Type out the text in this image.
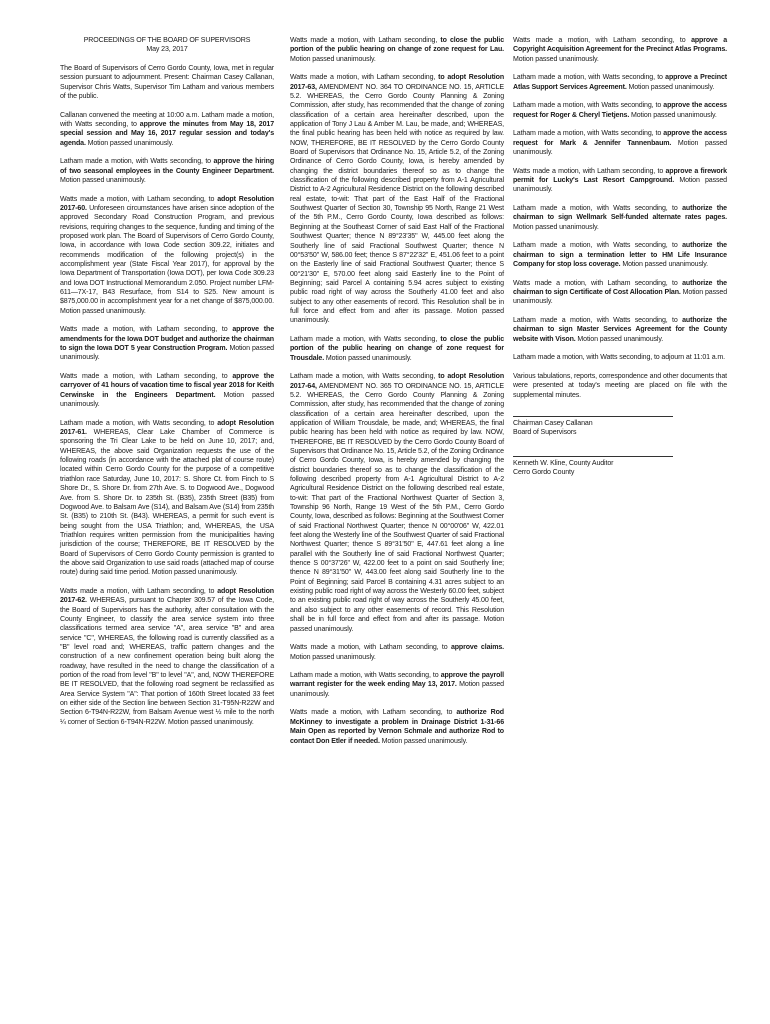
PROCEEDINGS OF THE BOARD OF SUPERVISORS
May 23, 2017

The Board of Supervisors of Cerro Gordo County, Iowa, met in regular session pursuant to adjournment. Present: Chairman Casey Callanan, Supervisor Chris Watts, Supervisor Tim Latham and various members of the public.

Callanan convened the meeting at 10:00 a.m. Latham made a motion, with Watts seconding, to approve the minutes from May 18, 2017 special session and May 16, 2017 regular session and today's agenda. Motion passed unanimously.

Latham made a motion, with Watts seconding, to approve the hiring of two seasonal employees in the County Engineer Department. Motion passed unanimously.

Watts made a motion, with Latham seconding, to adopt Resolution 2017-60. Unforeseen circumstances have arisen since adoption of the approved Secondary Road Construction Program, and previous revisions, requiring changes to the sequence, funding and timing of the proposed work plan. The Board of Supervisors of Cerro Gordo County, Iowa, in accordance with Iowa Code section 309.22, initiates and recommends modification of the following project(s) in the accomplishment year (State Fiscal Year 2017), for approval by the Iowa Department of Transportation (Iowa DOT), per Iowa Code 309.23 and Iowa DOT Instructional Memorandum 2.050. Project number LFM-611—7X-17, B43 Resurface, from S14 to S25. New amount is $875,000.00 in accomplishment year for a net change of $875,000.00. Motion passed unanimously.

Watts made a motion, with Latham seconding, to approve the amendments for the Iowa DOT budget and authorize the chairman to sign the Iowa DOT 5 year Construction Program. Motion passed unanimously.

Watts made a motion, with Latham seconding, to approve the carryover of 41 hours of vacation time to fiscal year 2018 for Keith Cerwinske in the Engineers Department. Motion passed unanimously.

Latham made a motion, with Watts seconding, to adopt Resolution 2017-61. WHEREAS, Clear Lake Chamber of Commerce is sponsoring the Tri Clear Lake to be held on June 10, 2017; and, WHEREAS, the above said Organization requests the use of the following roads (in accordance with the attached plat of course route) located within Cerro Gordo County for the purpose of a competitive triathlon race Saturday, June 10, 2017: S. Shore Ct. from Finch to S Shore Dr., S. Shore Dr. from 27th Ave. S. to Dogwood Ave., Dogwood Ave. from S. Shore Dr. to 235th St. (B35), 235th Street (B35) from Dogwood Ave. to Balsam Ave (S14), and Balsam Ave (S14) from 235th St. (B35) to 210th St. (B43). WHEREAS, a permit for such event is being sought from the USA Triathlon; and, WHEREAS, the USA Triathlon requires written permission from the municipalities having jurisdiction of the course; THEREFORE, BE IT RESOLVED by the Board of Supervisors of Cerro Gordo County permission is granted to the above said Organization to use said roads (attached map of course route) during said time period. Motion passed unanimously.

Watts made a motion, with Latham seconding, to adopt Resolution 2017-62. WHEREAS, pursuant to Chapter 309.57 of the Iowa Code, the Board of Supervisors has the authority, after consultation with the County Engineer, to classify the area service system into three classifications termed area service "A", area service "B" and area service "C", WHEREAS, the following road is currently classified as a "B" level road and; WHEREAS, traffic pattern changes and the construction of a new confinement operation being built along the roadway, have resulted in the need to change the classification of a portion of the road from level "B" to level "A", and, NOW THEREFORE BE IT RESOLVED, that the following road segment be reclassified as Area Service System "A": That portion of 160th Street located 33 feet on either side of the Section line between Section 31-T95N-R22W and Section 6-T94N-R22W, from Balsam Avenue west ½ mile to the north ¼ corner of Section 6-T94N-R22W. Motion passed unanimously.

Watts made a motion, with Latham seconding, to close the public portion of the public hearing on change of zone request for Lau. Motion passed unanimously.

Watts made a motion, with Latham seconding, to adopt Resolution 2017-63, AMENDMENT NO. 364 TO ORDINANCE NO. 15, ARTICLE 5.2. WHEREAS, the Cerro Gordo County Planning & Zoning Commission, after study, has recommended that the change of zoning classification of a certain area hereinafter described, upon the application of Tony J Lau & Amber M. Lau, be made, and; WHEREAS, the final public hearing has been held with notice as required by law. NOW, THEREFORE, BE IT RESOLVED by the Cerro Gordo County Board of Supervisors that Ordinance No. 15, Article 5.2, of the Zoning Ordinance of Cerro Gordo County, Iowa, is hereby amended by changing the district boundaries thereof so as to change the classification of the following described property from A-1 Agricultural District to A-2 Agricultural Residence District on the following described real estate, to-wit: That part of the East Half of the Fractional Southwest Quarter of Section 30, Township 95 North, Range 21 West of the 5th P.M., Cerro Gordo County, Iowa described as follows: Beginning at the Southeast Corner of said East Half of the Fractional Southwest Quarter; thence N 89°23'35" W, 445.00 feet along the Southerly line of said Fractional Southwest Quarter; thence N 00°53'50" W, 586.00 feet; thence S 87°22'32" E, 451.06 feet to a point on the Easterly line of said Fractional Southwest Quarter; thence S 00°21'30" E, 570.00 feet along said Easterly line to the Point of Beginning; said Parcel A containing 5.94 acres subject to existing public road right of way across the Southerly 41.00 feet and also subject to any other easements of record. This Resolution shall be in full force and effect from and after its passage. Motion passed unanimously.

Latham made a motion, with Watts seconding, to close the public portion of the public hearing on change of zone request for Trousdale. Motion passed unanimously.

Latham made a motion, with Watts seconding, to adopt Resolution 2017-64, AMENDMENT NO. 365 TO ORDINANCE NO. 15, ARTICLE 5.2. WHEREAS, the Cerro Gordo County Planning & Zoning Commission, after study, has recommended that the change of zoning classification of a certain area hereinafter described, upon the application of William Trousdale, be made, and; WHEREAS, the final public hearing has been held with notice as required by law. NOW, THEREFORE, BE IT RESOLVED by the Cerro Gordo County Board of Supervisors that Ordinance No. 15, Article 5.2, of the Zoning Ordinance of Cerro Gordo County, Iowa, is hereby amended by changing the district boundaries thereof so as to change the classification of the following described property from A-1 Agricultural District to A-2 Agricultural Residence District on the following described real estate, to-wit: That part of the Fractional Northwest Quarter of Section 3, Township 96 North, Range 19 West of the 5th P.M., Cerro Gordo County, Iowa, described as follows: Beginning at the Southwest Corner of said Fractional Northwest Quarter; thence N 00°00'06" W, 422.01 feet along the Westerly line of the Southwest Quarter of said Fractional Northwest Quarter; thence S 89°31'50" E, 447.61 feet along a line parallel with the Southerly line of said Fractional Northwest Quarter; thence S 00°37'26" W, 422.00 feet to a point on said Southerly line; thence N 89°31'50" W, 443.00 feet along said Southerly line to the Point of Beginning; said Parcel B containing 4.31 acres subject to an existing public road right of way across the Westerly 60.00 feet, subject to an existing public road right of way across the Southerly 45.00 feet, and also subject to any other easements of record. This Resolution shall be in full force and effect from and after its passage. Motion passed unanimously.

Watts made a motion, with Latham seconding, to approve claims. Motion passed unanimously.

Latham made a motion, with Watts seconding, to approve the payroll warrant register for the week ending May 13, 2017. Motion passed unanimously.

Watts made a motion, with Latham seconding, to authorize Rod McKinney to investigate a problem in Drainage District 1-31-66 Main Open as reported by Vernon Schmale and authorize Rod to contact Don Etler if needed. Motion passed unanimously.

Watts made a motion, with Latham seconding, to approve a Copyright Acquisition Agreement for the Precinct Atlas Programs. Motion passed unanimously.

Latham made a motion, with Watts seconding, to approve a Precinct Atlas Support Services Agreement. Motion passed unanimously.

Latham made a motion, with Watts seconding, to approve the access request for Roger & Cheryl Tietjens. Motion passed unanimously.

Latham made a motion, with Watts seconding, to approve the access request for Mark & Jennifer Tannenbaum. Motion passed unanimously.

Watts made a motion, with Latham seconding, to approve a firework permit for Lucky's Last Resort Campground. Motion passed unanimously.

Latham made a motion, with Watts seconding, to authorize the chairman to sign Wellmark Self-funded alternate rates pages. Motion passed unanimously.

Latham made a motion, with Watts seconding, to authorize the chairman to sign a termination letter to HM Life Insurance Company for stop loss coverage. Motion passed unanimously.

Watts made a motion, with Latham seconding, to authorize the chairman to sign Certificate of Cost Allocation Plan. Motion passed unanimously.

Latham made a motion, with Watts seconding, to authorize the chairman to sign Master Services Agreement for the County website with Vison. Motion passed unanimously.

Latham made a motion, with Watts seconding, to adjourn at 11:01 a.m.

Various tabulations, reports, correspondence and other documents that were presented at today's meeting are placed on file with the supplemental minutes.

Chairman Casey Callanan
Board of Supervisors
Kenneth W. Kline, County Auditor
Cerro Gordo County
